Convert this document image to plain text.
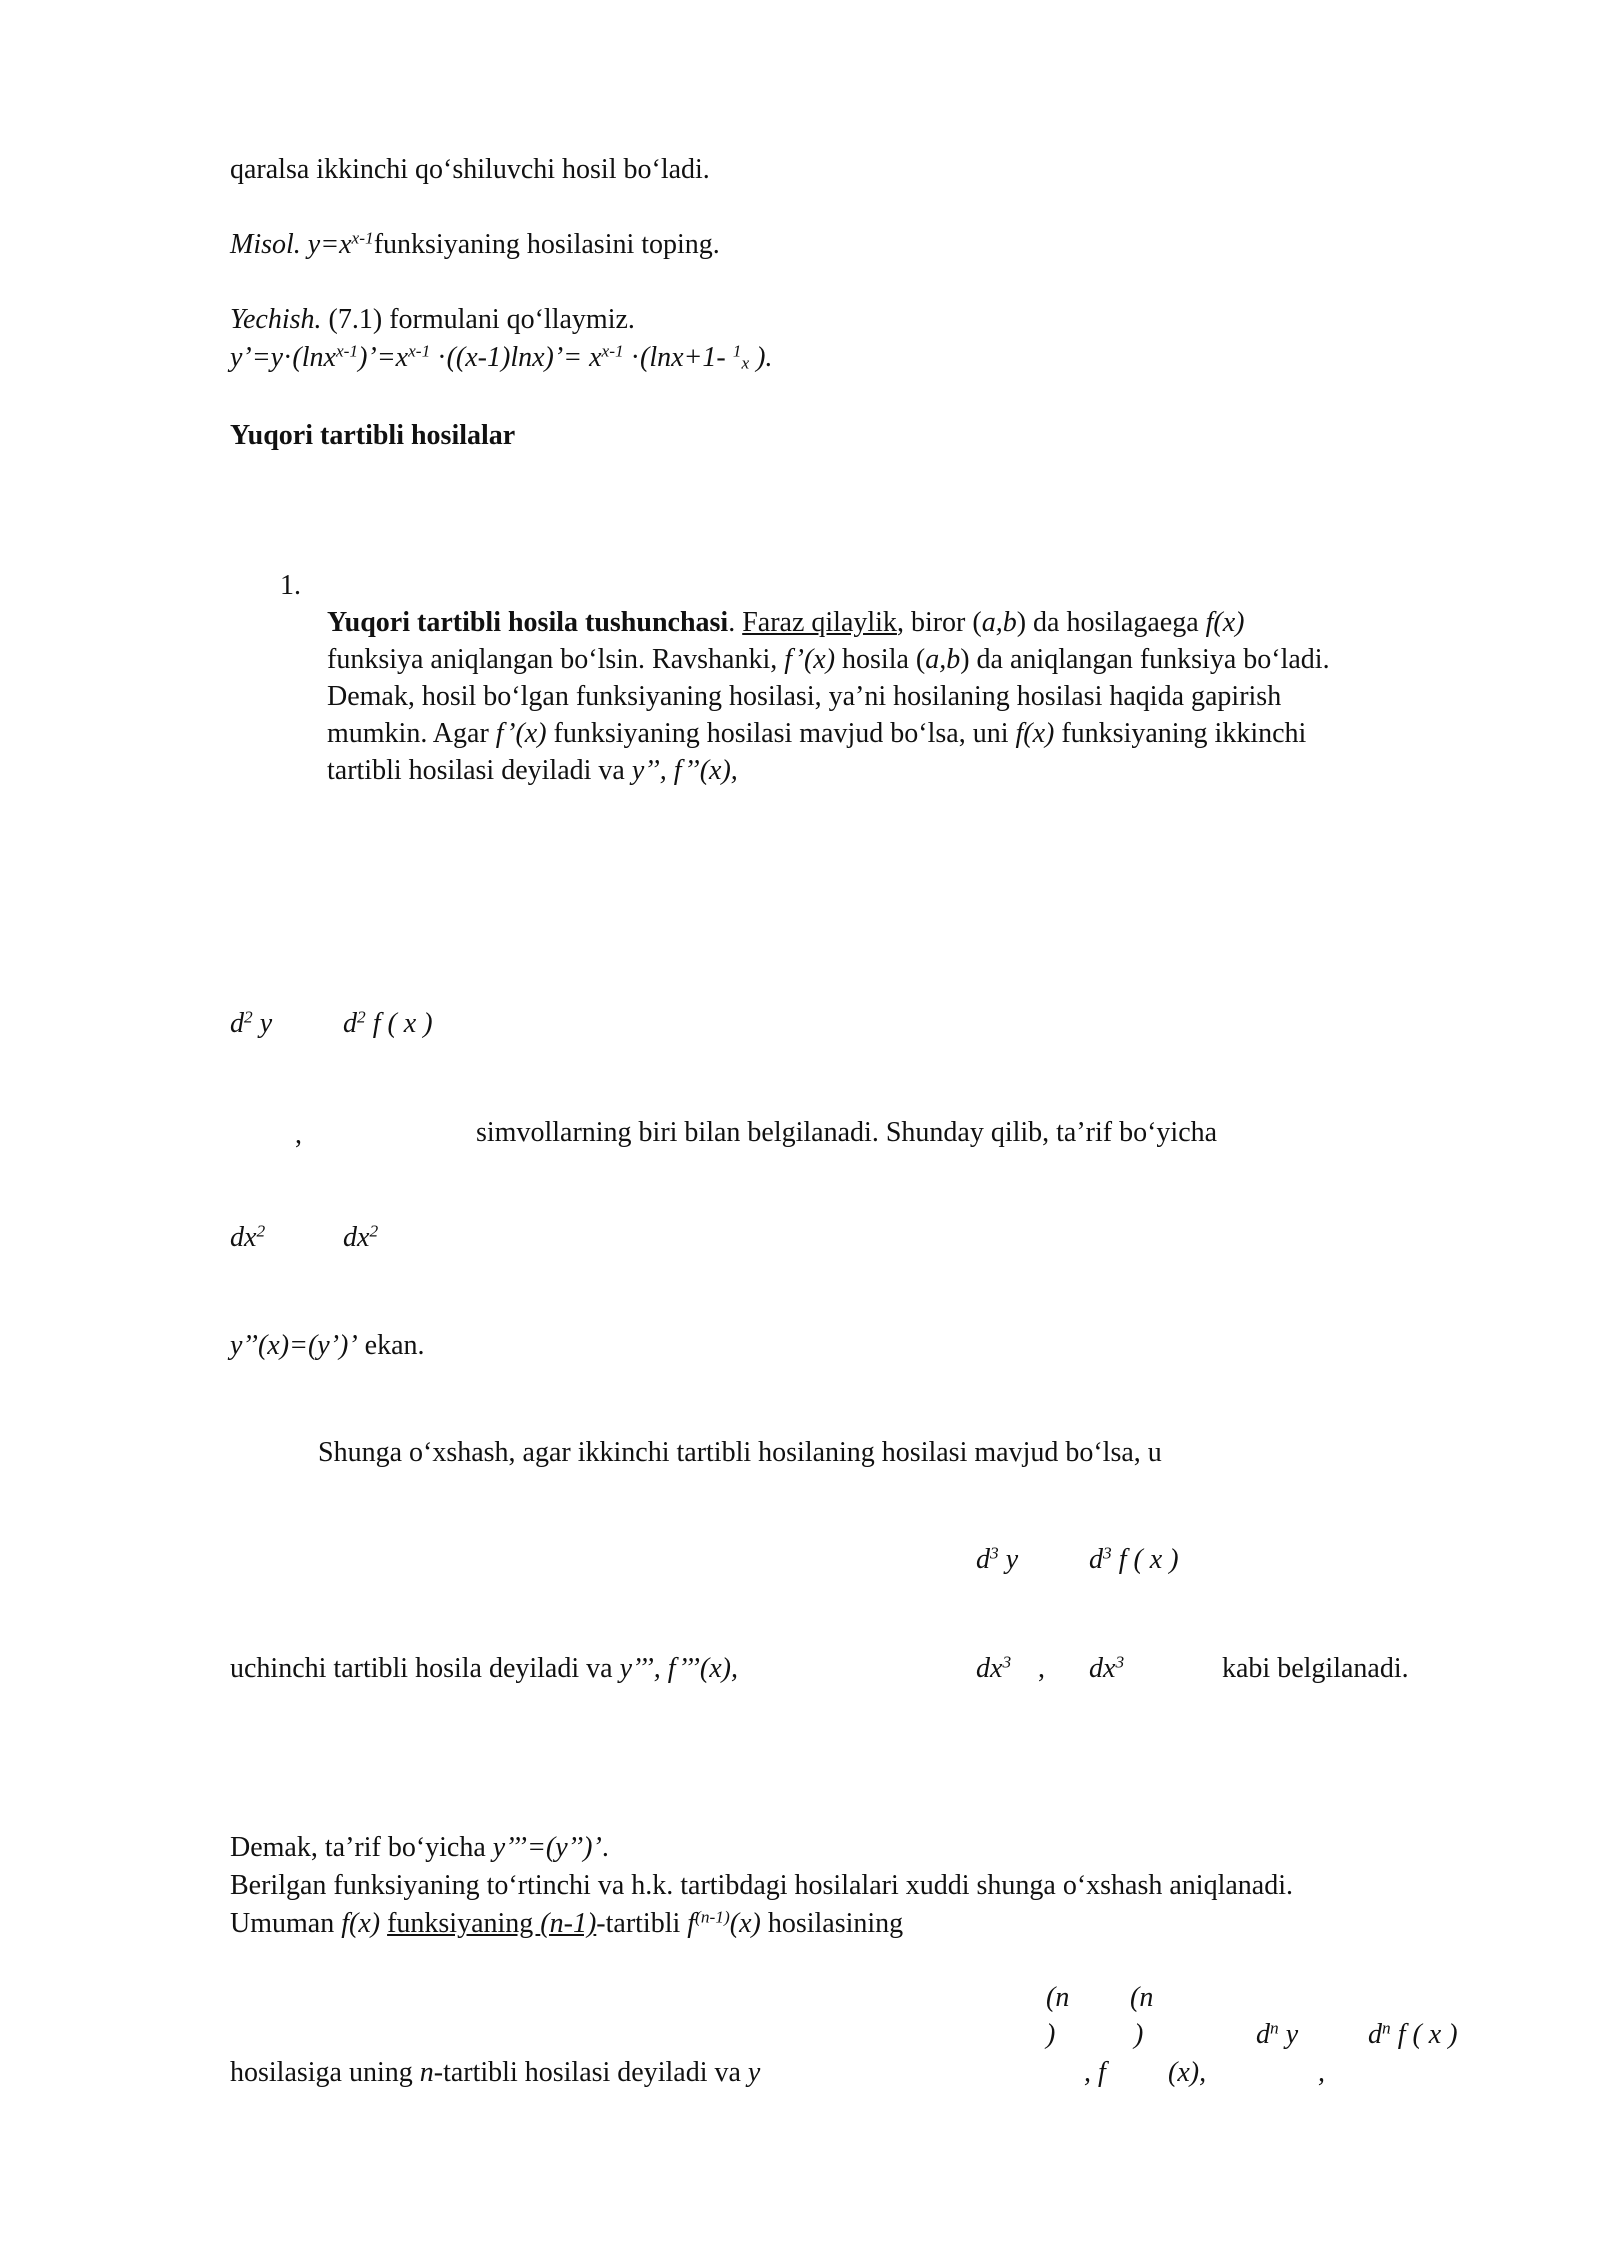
qaralsa ikkinchi qo‘shiluvchi hosil bo‘ladi.
Misol. $y=x^{x-1}funksiyaning$ hosilasini toping.
Yechish. (7.1) formulani qo‘llaymiz.
$y’=y\cdot(\ln x^{x-1})’=x^{x-1}$ ·((x-1)lnx)’= $x^{x-1} \cdot(\ln x+1-$ $^1_x$ ).
Yuqori tartibli hosilalar
1.
Yuqori tartibli hosila tushunchasi. Faraz qilaylik, biror (a,b) da hosilagaega f(x)
funksiya aniqlangan bo‘lsin. Ravshanki, f’(x) hosila (a,b) da aniqlangan funksiya bo‘ladi.
Demak, hosil bo‘lgan funksiyaning hosilasi, ya’ni hosilaning hosilasi haqida gapirish
mumkin. Agar f’(x) funksiyaning hosilasi mavjud bo‘lsa, uni f(x) funksiyaning ikkinchi
tartibli hosilasi deyiladi va y’’, f’’(x),
$d^2$ y	$d^2$ f ( x )
,	simvollarning biri bilan belgilanadi. Shunday qilib, ta’rif bo‘yicha
$dx^2$	$dx^2$
y’’(x)=(y’)’ ekan.
Shunga o‘xshash, agar ikkinchi tartibli hosilaning hosilasi mavjud bo‘lsa, u
$d^3$ y	$d^3$ f ( x )
uchinchi tartibli hosila deyiladi va y’’’, f’’’(x),	$dx^3$ , $dx^3$	kabi belgilanadi.
Demak, ta’rif bo‘yicha y’’’=(y’’)’.
Berilgan funksiyaning to‘rtinchi va h.k. tartibdagi hosilalari xuddi shunga o‘xshash aniqlanadi.
Umuman f(x) funksiyaning (n-1)-tartibli $f^{(n-1)}(x)$ hosilasining
(n (n
)	)	$d^n$ y $d^n$ f ( x )
hosilasiga uning n-tartibli hosilasi deyiladi va y	, f (x),	,
